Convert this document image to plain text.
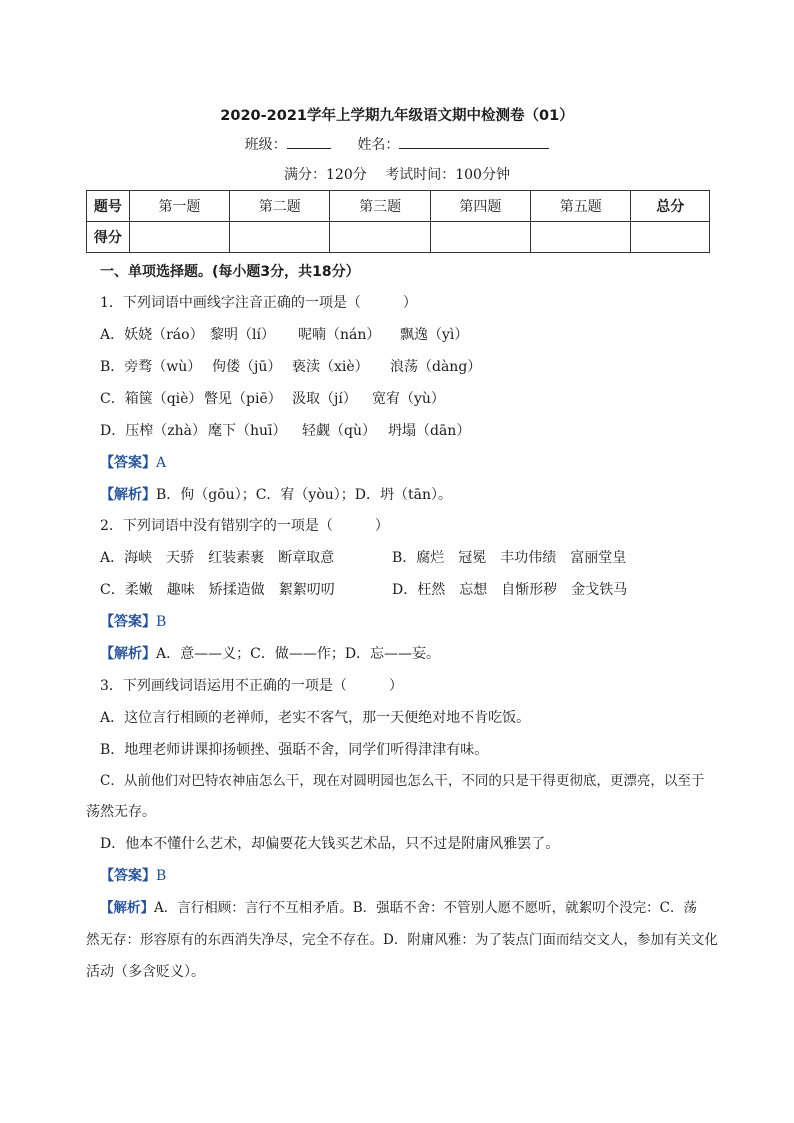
2020-2021学年上学期九年级语文期中检测卷（01）
班级：	姓名：
满分：120分　 考试时间：100分钟
题号	第一题	第二题	第三题	第四题	第五题	总分
得分						
一、单项选择题。(每小题3分，共18分）
1．下列词语中画线字注音正确的一项是（　　　）
A．妖娆（ráo） 黎明（lí） 呢喃（nán） 飘逸（yì）
B．旁骛（wù） 佝偻（jū） 亵渎（xiè） 浪荡（dàng）
C．箱箧（qiè） 瞥见（piē） 汲取（jí） 宽宥（yù）
D．压榨（zhà） 麾下（huī） 轻觑（qù） 坍塌（dān）
【答案】A
【解析】B．佝（gōu）；C．宥（yòu）；D．坍（tān）。
2．下列词语中没有错别字的一项是（　　　）
A．海峡　天骄　红装素裹　断章取意	B．腐烂　冠冕　丰功伟绩　富丽堂皇
C．柔嫩　趣味　矫揉造做　絮絮叨叨	D．枉然　忘想　自惭形秽　金戈铁马
【答案】B
【解析】A．意——义；C．做——作；D．忘——妄。
3．下列画线词语运用不正确的一项是（　　　）
A．这位言行相顾的老禅师，老实不客气，那一天便绝对地不肯吃饭。
B．地理老师讲课抑扬顿挫、强聒不舍，同学们听得津津有味。
C．从前他们对巴特农神庙怎么干，现在对圆明园也怎么干，不同的只是干得更彻底，更漂亮，以至于
荡然无存。
D．他本不懂什么艺术，却偏要花大钱买艺术品，只不过是附庸风雅罢了。
【答案】B
【解析】A．言行相顾：言行不互相矛盾。B．强聒不舍：不管别人愿不愿听，就絮叨个没完：C．荡
然无存：形容原有的东西消失净尽，完全不存在。D．附庸风雅：为了装点门面而结交文人，参加有关文化
活动（多含贬义）。
